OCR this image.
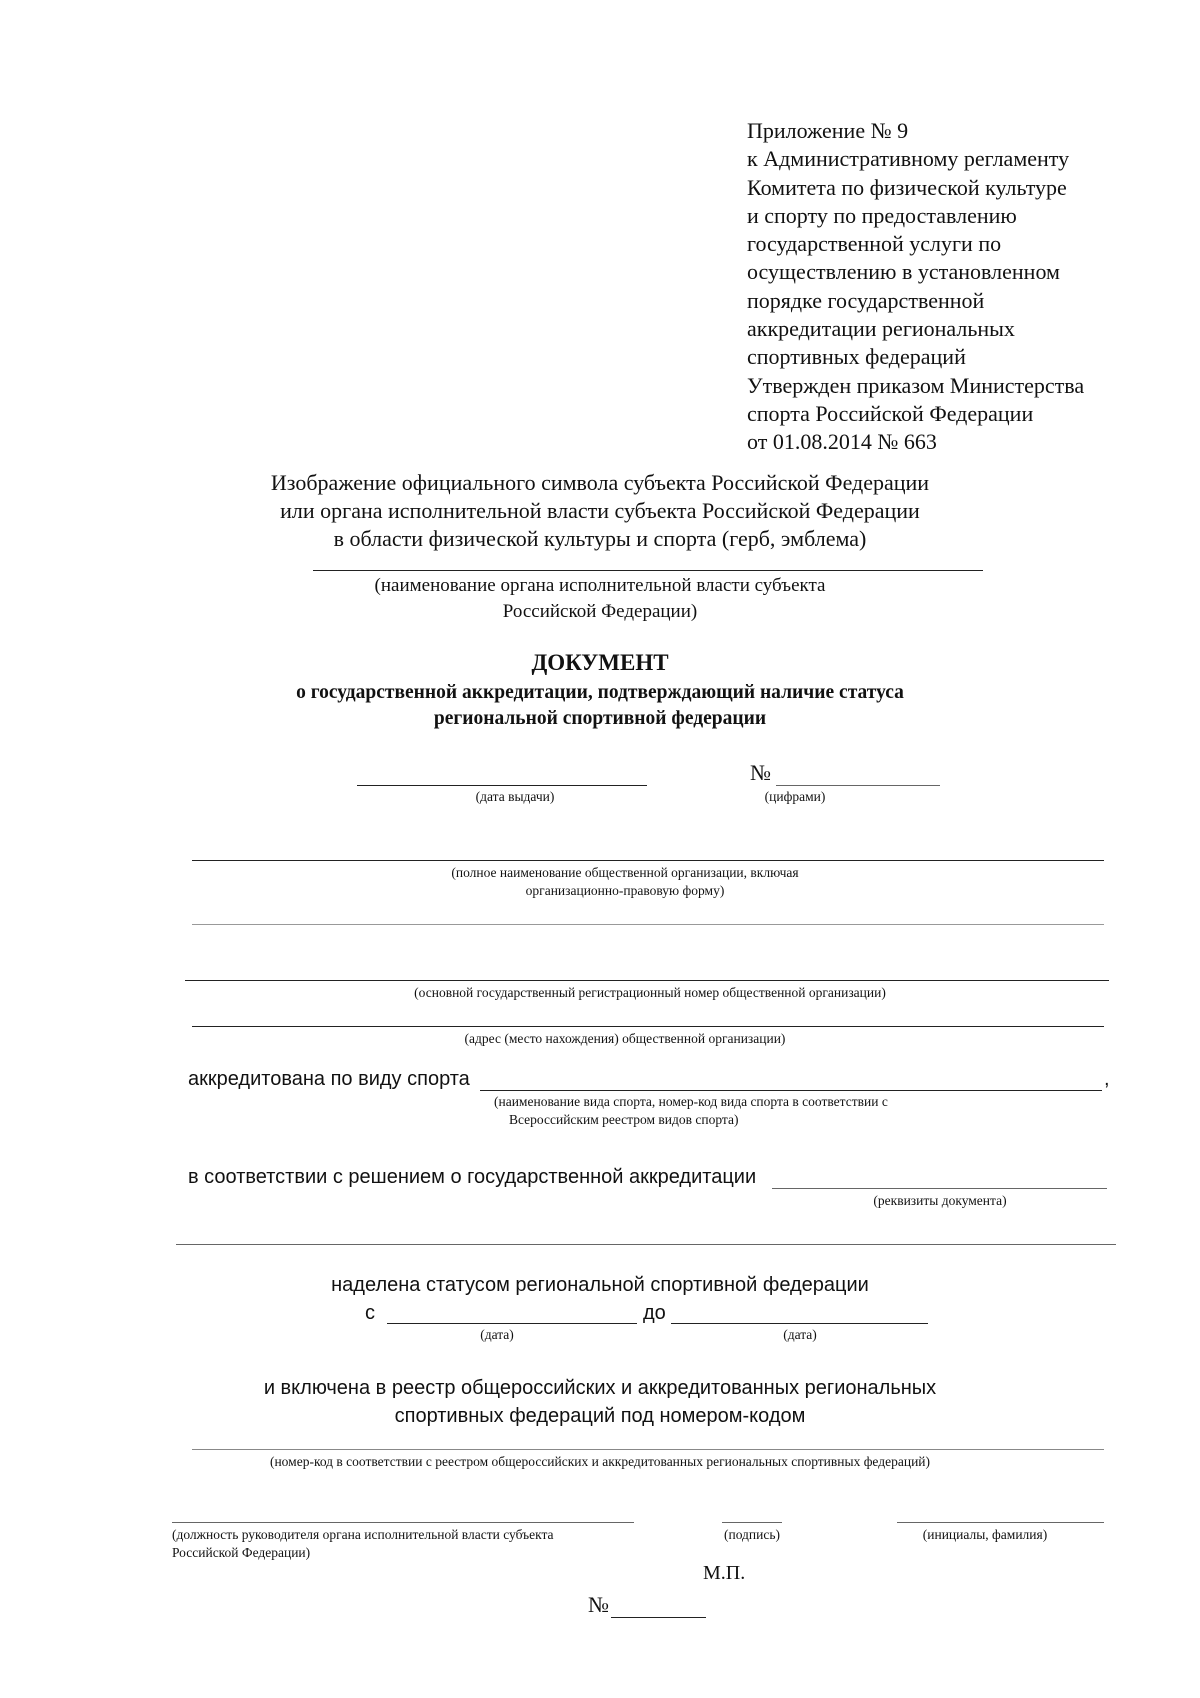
Приложение № 9
к Административному регламенту
Комитета по физической культуре
и спорту по предоставлению
государственной услуги по
осуществлению в установленном
порядке государственной
аккредитации региональных
спортивных федераций
Утвержден приказом Министерства
спорта Российской Федерации
от 01.08.2014 № 663
Изображение официального символа субъекта Российской Федерации
или органа исполнительной власти субъекта Российской Федерации
в области физической культуры и спорта (герб, эмблема)
(наименование органа исполнительной власти субъекта
Российской Федерации)
ДОКУМЕНТ
о государственной аккредитации, подтверждающий наличие статуса
региональной спортивной федерации
(дата выдачи)
№
(цифрами)
(полное наименование общественной организации, включая
организационно-правовую форму)
(основной государственный регистрационный номер общественной организации)
(адрес (место нахождения) общественной организации)
аккредитована по виду спорта	,
(наименование вида спорта, номер-код вида спорта в соответствии с
Всероссийским реестром видов спорта)
в соответствии с решением о государственной аккредитации
(реквизиты документа)
наделена статусом региональной спортивной федерации
с
(дата)
до
(дата)
и включена в реестр общероссийских и аккредитованных региональных
спортивных федераций под номером-кодом
(номер-код в соответствии с реестром общероссийских и аккредитованных региональных спортивных федераций)
(должность руководителя органа исполнительной власти субъекта
Российской Федерации)
(подпись)	(инициалы, фамилия)
М.П.
№
